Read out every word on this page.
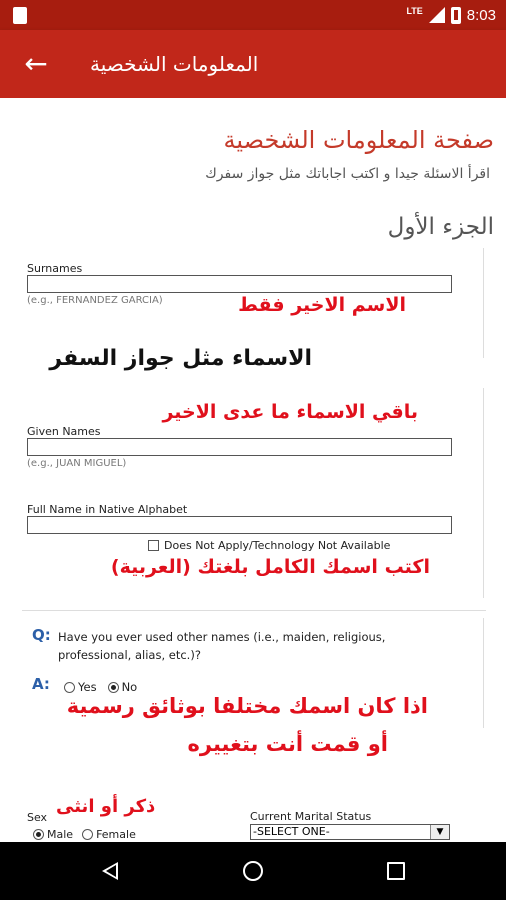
LTE	8:03
← المعلومات الشخصية
صفحة المعلومات الشخصية
اقرأ الاسئلة جيدا و اكتب اجاباتك مثل جواز سفرك
الجزء الأول
Surnames
(e.g., FERNANDEZ GARCIA)	الاسم الاخير فقط
الاسماء مثل جواز السفر
باقي الاسماء ما عدى الاخير
Given Names
(e.g., JUAN MIGUEL)
Full Name in Native Alphabet
Does Not Apply/Technology Not Available
اكتب اسمك الكامل بلغتك (العربية)
Q: Have you ever used other names (i.e., maiden, religious,
professional, alias, etc.)?
A: Yes No
اذا كان اسمك مختلفا بوثائق رسمية
أو قمت أنت بتغييره
Sex
ذكر أو انثى
Male Female
Current Marital Status
-SELECT ONE-	▼
